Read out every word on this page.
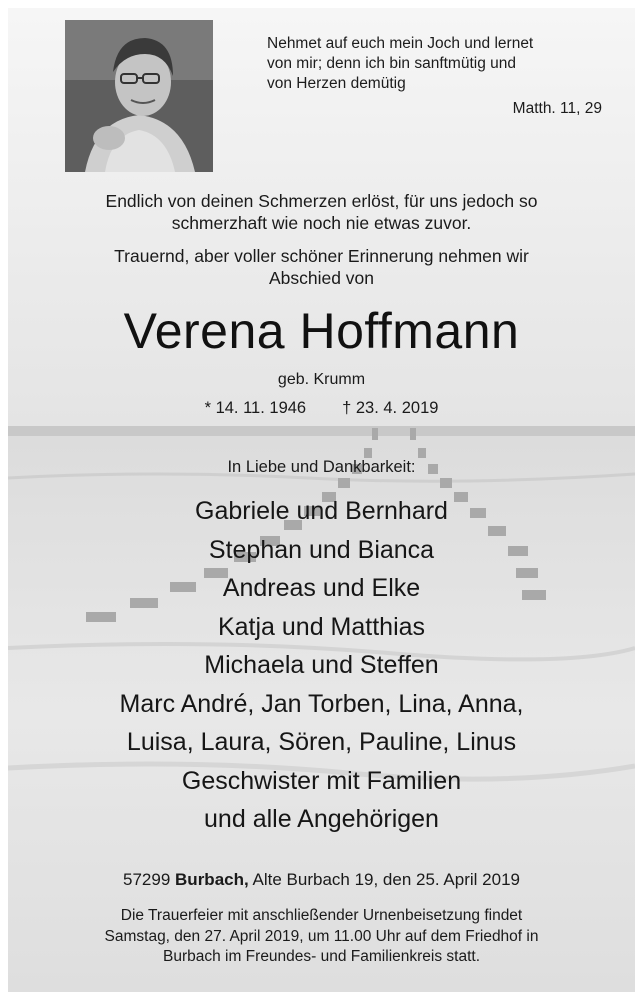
Nehmet auf euch mein Joch und lernet
von mir; denn ich bin sanftmütig und
von Herzen demütig
Matth. 11, 29
Endlich von deinen Schmerzen erlöst, für uns jedoch so
schmerzhaft wie noch nie etwas zuvor.
Trauernd, aber voller schöner Erinnerung nehmen wir
Abschied von
Verena Hoffmann
geb. Krumm
* 14. 11. 1946 † 23. 4. 2019
In Liebe und Dankbarkeit:
Gabriele und Bernhard
Stephan und Bianca
Andreas und Elke
Katja und Matthias
Michaela und Steffen
Marc André, Jan Torben, Lina, Anna,
Luisa, Laura, Sören, Pauline, Linus
Geschwister mit Familien
und alle Angehörigen
57299 Burbach, Alte Burbach 19, den 25. April 2019
Die Trauerfeier mit anschließender Urnenbeisetzung findet
Samstag, den 27. April 2019, um 11.00 Uhr auf dem Friedhof in
Burbach im Freundes- und Familienkreis statt.
